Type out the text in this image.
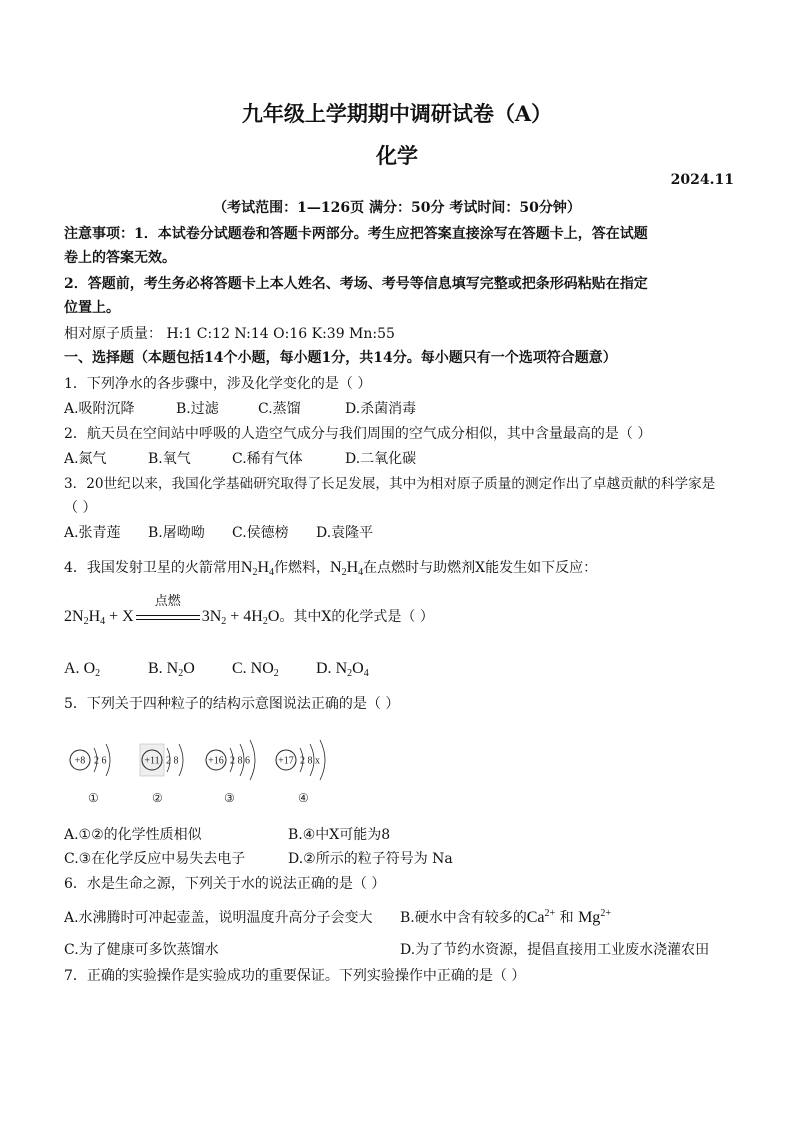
九年级上学期期中调研试卷（A）
化学
2024.11
（考试范围：1—126页 满分：50分 考试时间：50分钟）
注意事项：1．本试卷分试题卷和答题卡两部分。考生应把答案直接涂写在答题卡上，答在试题
卷上的答案无效。
2．答题前，考生务必将答题卡上本人姓名、考场、考号等信息填写完整或把条形码粘贴在指定
位置上。
相对原子质量： H:1 C:12 N:14 O:16 K:39 Mn:55
一、选择题（本题包括14个小题，每小题1分，共14分。每小题只有一个选项符合题意）
1．下列净水的各步骤中，涉及化学变化的是（ ）
A.吸附沉降	B.过滤	C.蒸馏	D.杀菌消毒
2．航天员在空间站中呼吸的人造空气成分与我们周围的空气成分相似，其中含量最高的是（ ）
A.氮气	B.氧气	C.稀有气体	D.二氧化碳
3．20世纪以来，我国化学基础研究取得了长足发展，其中为相对原子质量的测定作出了卓越贡献的科学家是
（ ）
A.张青莲 B.屠呦呦 C.侯德榜 D.袁隆平
4．我国发射卫星的火箭常用$N_2H_4$作燃料，$N_2H_4$在点燃时与助燃剂X能发生如下反应：
$2N_2H_4 + X$
点燃
$3N_2 + 4H_2O$。其中X的化学式是（ ）
A. $O_2$	B. $N_2O$ C. $NO_2$ D. $N_2O_4$
5．下列关于四种粒子的结构示意图说法正确的是（ ）
+8 2 6
①
+11 2 8
②
+16 2 8 6
③
+17 2 8 x
④
A.①②的化学性质相似	B.④中X可能为8
C.③在化学反应中易失去电子	D.②所示的粒子符号为 Na
6．水是生命之源，下列关于水的说法正确的是（ ）
A.水沸腾时可冲起壶盖，说明温度升高分子会变大 B.硬水中含有较多的$Ca^{2+}$ 和 $Mg^{2+}$
C.为了健康可多饮蒸馏水	D.为了节约水资源，提倡直接用工业废水浇灌农田
7．正确的实验操作是实验成功的重要保证。下列实验操作中正确的是（ ）
